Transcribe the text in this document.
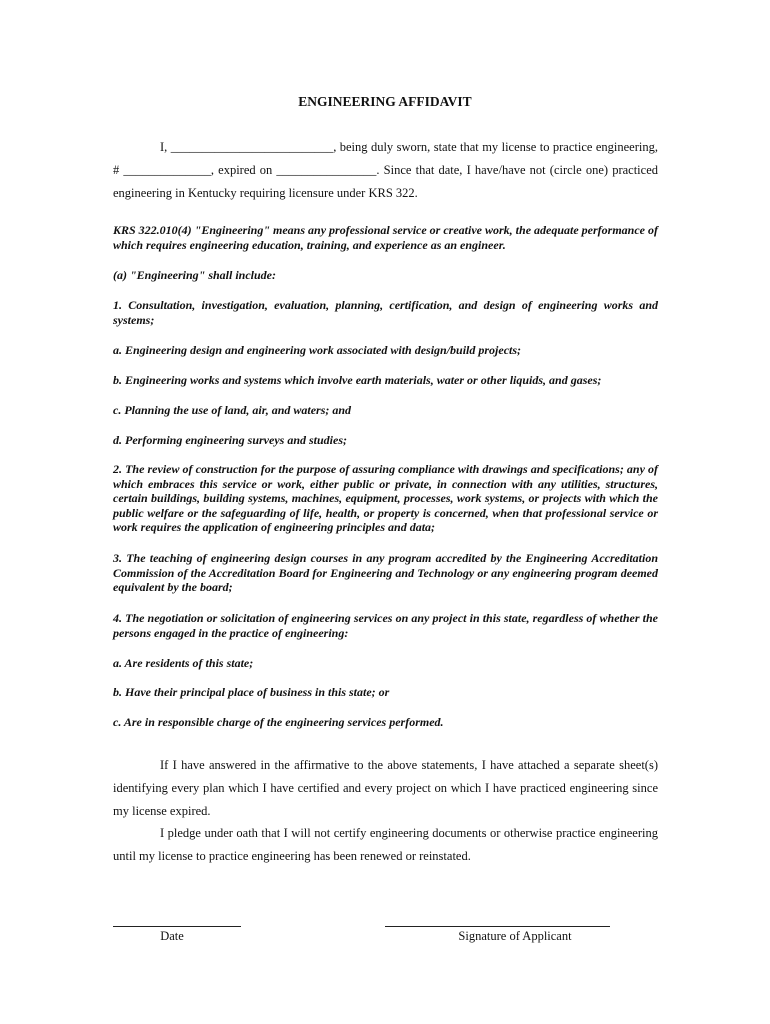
ENGINEERING AFFIDAVIT
I, __________________________, being duly sworn, state that my license to practice engineering, # ______________, expired on ________________. Since that date, I have/have not (circle one) practiced engineering in Kentucky requiring licensure under KRS 322.
KRS 322.010(4) "Engineering" means any professional service or creative work, the adequate performance of which requires engineering education, training, and experience as an engineer.
(a) "Engineering" shall include:
1. Consultation, investigation, evaluation, planning, certification, and design of engineering works and systems;
a. Engineering design and engineering work associated with design/build projects;
b. Engineering works and systems which involve earth materials, water or other liquids, and gases;
c. Planning the use of land, air, and waters; and
d. Performing engineering surveys and studies;
2. The review of construction for the purpose of assuring compliance with drawings and specifications; any of which embraces this service or work, either public or private, in connection with any utilities, structures, certain buildings, building systems, machines, equipment, processes, work systems, or projects with which the public welfare or the safeguarding of life, health, or property is concerned, when that professional service or work requires the application of engineering principles and data;
3. The teaching of engineering design courses in any program accredited by the Engineering Accreditation Commission of the Accreditation Board for Engineering and Technology or any engineering program deemed equivalent by the board;
4. The negotiation or solicitation of engineering services on any project in this state, regardless of whether the persons engaged in the practice of engineering:
a. Are residents of this state;
b. Have their principal place of business in this state; or
c. Are in responsible charge of the engineering services performed.
If I have answered in the affirmative to the above statements, I have attached a separate sheet(s) identifying every plan which I have certified and every project on which I have practiced engineering since my license expired.
I pledge under oath that I will not certify engineering documents or otherwise practice engineering until my license to practice engineering has been renewed or reinstated.
Date	Signature of Applicant
